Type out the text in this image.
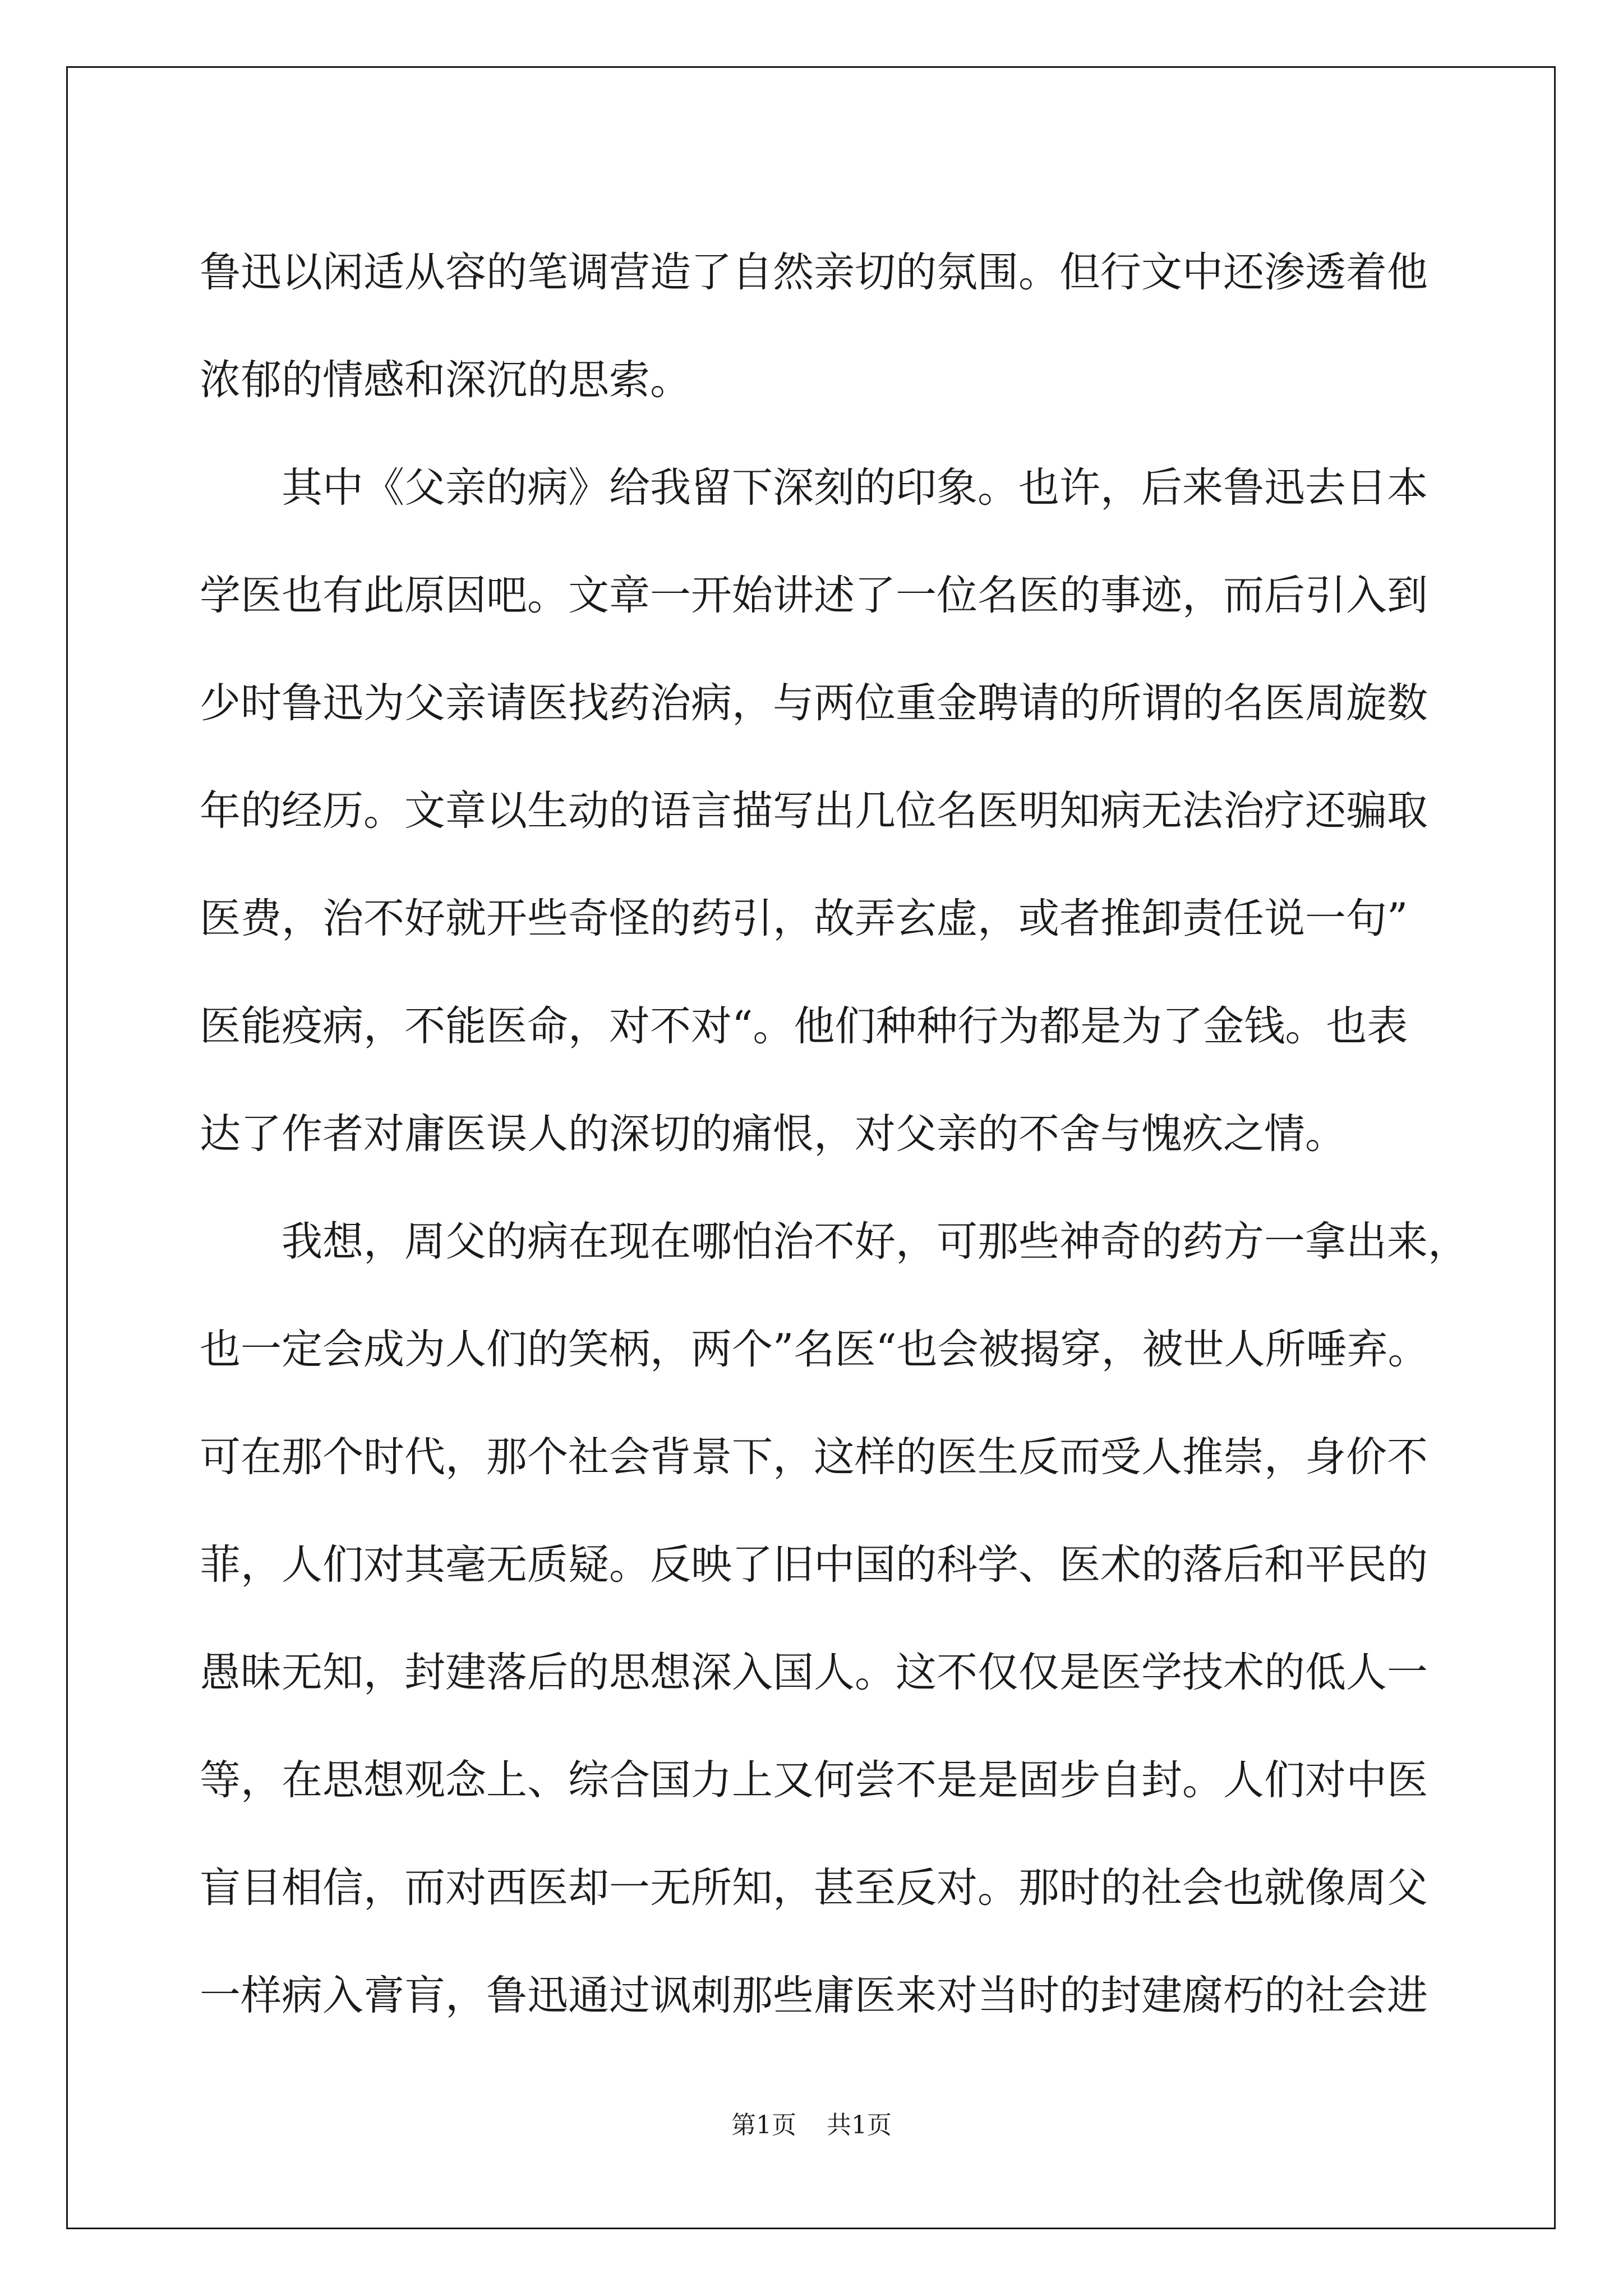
鲁迅以闲适从容的笔调营造了自然亲切的氛围。但行文中还渗透着他
浓郁的情感和深沉的思索。
　　其中《父亲的病》给我留下深刻的印象。也许，后来鲁迅去日本
学医也有此原因吧。文章一开始讲述了一位名医的事迹，而后引入到
少时鲁迅为父亲请医找药治病，与两位重金聘请的所谓的名医周旋数
年的经历。文章以生动的语言描写出几位名医明知病无法治疗还骗取
医费，治不好就开些奇怪的药引，故弄玄虚，或者推卸责任说一句”
医能疫病，不能医命，对不对“。他们种种行为都是为了金钱。也表
达了作者对庸医误人的深切的痛恨，对父亲的不舍与愧疚之情。
　　我想，周父的病在现在哪怕治不好，可那些神奇的药方一拿出来，
也一定会成为人们的笑柄，两个”名医“也会被揭穿，被世人所唾弃。
可在那个时代，那个社会背景下，这样的医生反而受人推崇，身价不
菲，人们对其毫无质疑。反映了旧中国的科学、医术的落后和平民的
愚昧无知，封建落后的思想深入国人。这不仅仅是医学技术的低人一
等，在思想观念上、综合国力上又何尝不是是固步自封。人们对中医
盲目相信，而对西医却一无所知，甚至反对。那时的社会也就像周父
一样病入膏肓，鲁迅通过讽刺那些庸医来对当时的封建腐朽的社会进
第1页 共1页
